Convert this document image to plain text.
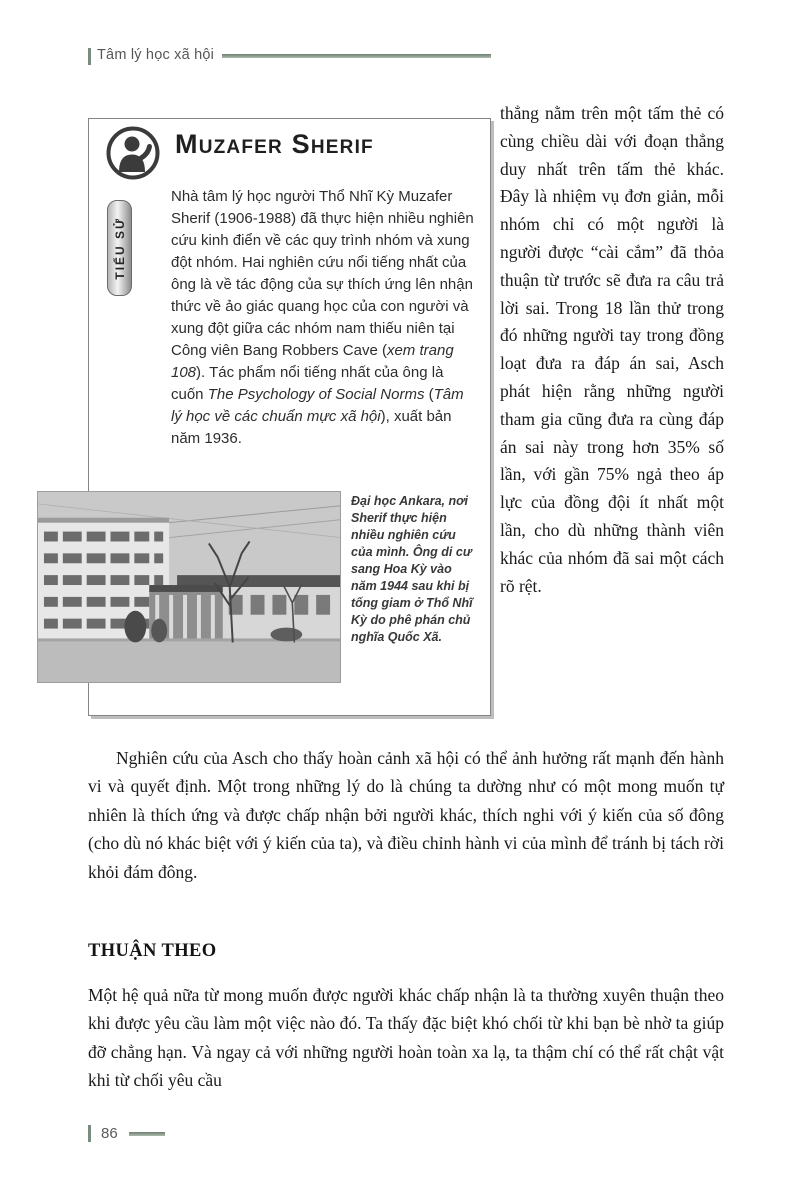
Tâm lý học xã hội
Muzafer Sherif
TIỂU SỬ

Nhà tâm lý học người Thổ Nhĩ Kỳ Muzafer Sherif (1906-1988) đã thực hiện nhiều nghiên cứu kinh điển về các quy trình nhóm và xung đột nhóm. Hai nghiên cứu nổi tiếng nhất của ông là về tác động của sự thích ứng lên nhận thức về ảo giác quang học của con người và xung đột giữa các nhóm nam thiếu niên tại Công viên Bang Robbers Cave (xem trang 108). Tác phẩm nổi tiếng nhất của ông là cuốn The Psychology of Social Norms (Tâm lý học về các chuẩn mực xã hội), xuất bản năm 1936.

Đại học Ankara, nơi Sherif thực hiện nhiều nghiên cứu của mình. Ông di cư sang Hoa Kỳ vào năm 1944 sau khi bị tống giam ở Thổ Nhĩ Kỳ do phê phán chủ nghĩa Quốc Xã.

thẳng nằm trên một tấm thẻ có cùng chiều dài với đoạn thẳng duy nhất trên tấm thẻ khác. Đây là nhiệm vụ đơn giản, mỗi nhóm chỉ có một người là người được “cài cắm” đã thỏa thuận từ trước sẽ đưa ra câu trả lời sai. Trong 18 lần thử trong đó những người tay trong đồng loạt đưa ra đáp án sai, Asch phát hiện rằng những người tham gia cũng đưa ra cùng đáp án sai này trong hơn 35% số lần, với gần 75% ngả theo áp lực của đồng đội ít nhất một lần, cho dù những thành viên khác của nhóm đã sai một cách rõ rệt.

Nghiên cứu của Asch cho thấy hoàn cảnh xã hội có thể ảnh hưởng rất mạnh đến hành vi và quyết định. Một trong những lý do là chúng ta dường như có một mong muốn tự nhiên là thích ứng và được chấp nhận bởi người khác, thích nghi với ý kiến của số đông (cho dù nó khác biệt với ý kiến của ta), và điều chỉnh hành vi của mình để tránh bị tách rời khỏi đám đông.

THUẬN THEO

Một hệ quả nữa từ mong muốn được người khác chấp nhận là ta thường xuyên thuận theo khi được yêu cầu làm một việc nào đó. Ta thấy đặc biệt khó chối từ khi bạn bè nhờ ta giúp đỡ chẳng hạn. Và ngay cả với những người hoàn toàn xa lạ, ta thậm chí có thể rất chật vật khi từ chối yêu cầu

86
